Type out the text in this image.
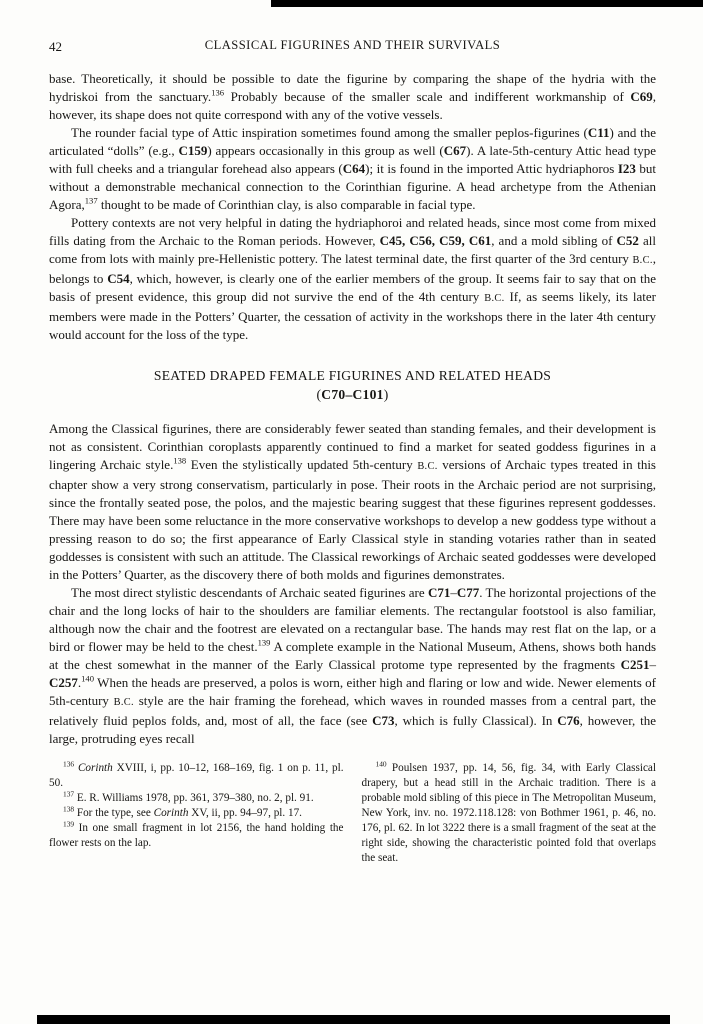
42	CLASSICAL FIGURINES AND THEIR SURVIVALS

base. Theoretically, it should be possible to date the figurine by comparing the shape of the hydria with the hydriskoi from the sanctuary.$^{136}$ Probably because of the smaller scale and indifferent workmanship of C69, however, its shape does not quite correspond with any of the votive vessels.

The rounder facial type of Attic inspiration sometimes found among the smaller peplos-figurines (C11) and the articulated “dolls” (e.g., C159) appears occasionally in this group as well (C67). A late-5th-century Attic head type with full cheeks and a triangular forehead also appears (C64); it is found in the imported Attic hydriaphoros I23 but without a demonstrable mechanical connection to the Corinthian figurine. A head archetype from the Athenian Agora,$^{137}$ thought to be made of Corinthian clay, is also comparable in facial type.

Pottery contexts are not very helpful in dating the hydriaphoroi and related heads, since most come from mixed fills dating from the Archaic to the Roman periods. However, C45, C56, C59, C61, and a mold sibling of C52 all come from lots with mainly pre-Hellenistic pottery. The latest terminal date, the first quarter of the 3rd century B.C., belongs to C54, which, however, is clearly one of the earlier members of the group. It seems fair to say that on the basis of present evidence, this group did not survive the end of the 4th century B.C. If, as seems likely, its later members were made in the Potters’ Quarter, the cessation of activity in the workshops there in the later 4th century would account for the loss of the type.

SEATED DRAPED FEMALE FIGURINES AND RELATED HEADS
(C70–C101)

Among the Classical figurines, there are considerably fewer seated than standing females, and their development is not as consistent. Corinthian coroplasts apparently continued to find a market for seated goddess figurines in a lingering Archaic style.$^{138}$ Even the stylistically updated 5th-century B.C. versions of Archaic types treated in this chapter show a very strong conservatism, particularly in pose. Their roots in the Archaic period are not surprising, since the frontally seated pose, the polos, and the majestic bearing suggest that these figurines represent goddesses. There may have been some reluctance in the more conservative workshops to develop a new goddess type without a pressing reason to do so; the first appearance of Early Classical style in standing votaries rather than in seated goddesses is consistent with such an attitude. The Classical reworkings of Archaic seated goddesses were developed in the Potters’ Quarter, as the discovery there of both molds and figurines demonstrates.

The most direct stylistic descendants of Archaic seated figurines are C71–C77. The horizontal projections of the chair and the long locks of hair to the shoulders are familiar elements. The rectangular footstool is also familiar, although now the chair and the footrest are elevated on a rectangular base. The hands may rest flat on the lap, or a bird or flower may be held to the chest.$^{139}$ A complete example in the National Museum, Athens, shows both hands at the chest somewhat in the manner of the Early Classical protome type represented by the fragments C251–C257.$^{140}$ When the heads are preserved, a polos is worn, either high and flaring or low and wide. Newer elements of 5th-century B.C. style are the hair framing the forehead, which waves in rounded masses from a central part, the relatively fluid peplos folds, and, most of all, the face (see C73, which is fully Classical). In C76, however, the large, protruding eyes recall

$^{136}$ Corinth XVIII, i, pp. 10–12, 168–169, fig. 1 on p. 11, pl. 50.

$^{137}$ E. R. Williams 1978, pp. 361, 379–380, no. 2, pl. 91.

$^{138}$ For the type, see Corinth XV, ii, pp. 94–97, pl. 17.

$^{139}$ In one small fragment in lot 2156, the hand holding the flower rests on the lap.

$^{140}$ Poulsen 1937, pp. 14, 56, fig. 34, with Early Classical drapery, but a head still in the Archaic tradition. There is a probable mold sibling of this piece in The Metropolitan Museum, New York, inv. no. 1972.118.128: von Bothmer 1961, p. 46, no. 176, pl. 62. In lot 3222 there is a small fragment of the seat at the right side, showing the characteristic pointed fold that overlaps the seat.
